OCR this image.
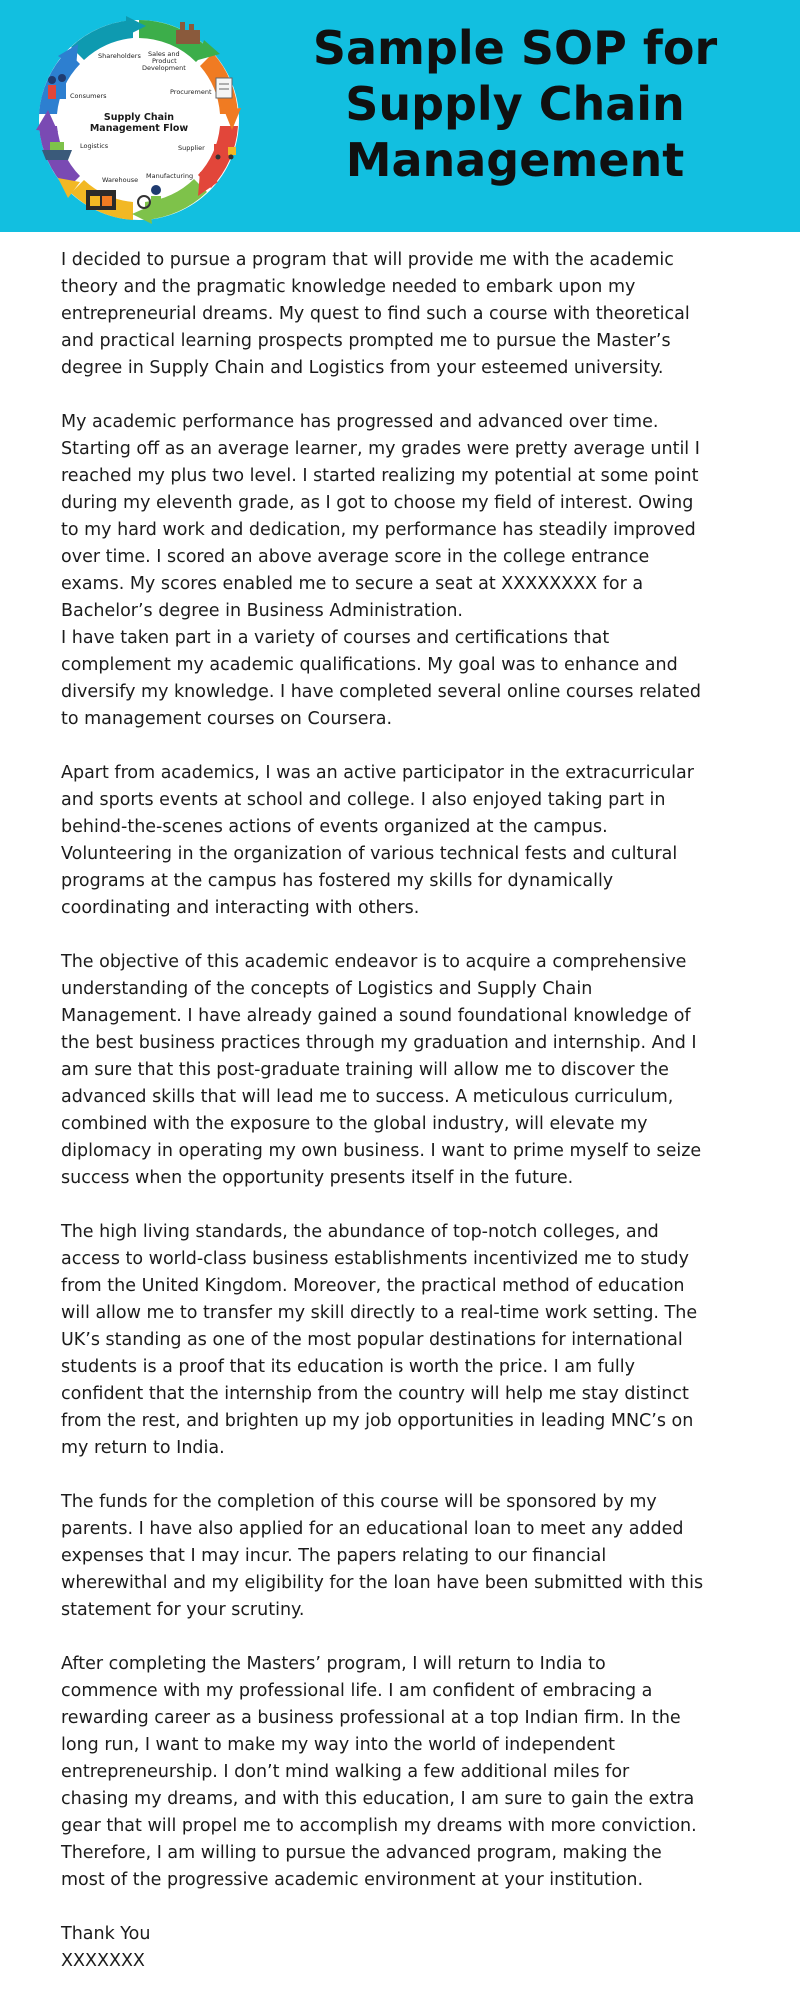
Shareholders Sales and
Product
Development
Procurement
Consumers
Supply Chain
Management Flow
Logistics	Supplier
Warehouse Manufacturing
Sample SOP for
Supply Chain
Management

I decided to pursue a program that will provide me with the academic
theory and the pragmatic knowledge needed to embark upon my
entrepreneurial dreams. My quest to find such a course with theoretical
and practical learning prospects prompted me to pursue the Master’s
degree in Supply Chain and Logistics from your esteemed university.

My academic performance has progressed and advanced over time.
Starting off as an average learner, my grades were pretty average until I
reached my plus two level. I started realizing my potential at some point
during my eleventh grade, as I got to choose my field of interest. Owing
to my hard work and dedication, my performance has steadily improved
over time. I scored an above average score in the college entrance
exams. My scores enabled me to secure a seat at XXXXXXXX for a
Bachelor’s degree in Business Administration.

I have taken part in a variety of courses and certifications that
complement my academic qualifications. My goal was to enhance and
diversify my knowledge. I have completed several online courses related
to management courses on Coursera.

Apart from academics, I was an active participator in the extracurricular
and sports events at school and college. I also enjoyed taking part in
behind-the-scenes actions of events organized at the campus.
Volunteering in the organization of various technical fests and cultural
programs at the campus has fostered my skills for dynamically
coordinating and interacting with others.

The objective of this academic endeavor is to acquire a comprehensive
understanding of the concepts of Logistics and Supply Chain
Management. I have already gained a sound foundational knowledge of
the best business practices through my graduation and internship. And I
am sure that this post-graduate training will allow me to discover the
advanced skills that will lead me to success. A meticulous curriculum,
combined with the exposure to the global industry, will elevate my
diplomacy in operating my own business. I want to prime myself to seize
success when the opportunity presents itself in the future.

The high living standards, the abundance of top-notch colleges, and
access to world-class business establishments incentivized me to study
from the United Kingdom. Moreover, the practical method of education
will allow me to transfer my skill directly to a real-time work setting. The
UK’s standing as one of the most popular destinations for international
students is a proof that its education is worth the price. I am fully
confident that the internship from the country will help me stay distinct
from the rest, and brighten up my job opportunities in leading MNC’s on
my return to India.

The funds for the completion of this course will be sponsored by my
parents. I have also applied for an educational loan to meet any added
expenses that I may incur. The papers relating to our financial
wherewithal and my eligibility for the loan have been submitted with this
statement for your scrutiny.

After completing the Masters’ program, I will return to India to
commence with my professional life. I am confident of embracing a
rewarding career as a business professional at a top Indian firm. In the
long run, I want to make my way into the world of independent
entrepreneurship. I don’t mind walking a few additional miles for
chasing my dreams, and with this education, I am sure to gain the extra
gear that will propel me to accomplish my dreams with more conviction.
Therefore, I am willing to pursue the advanced program, making the
most of the progressive academic environment at your institution.

Thank You
XXXXXXX
